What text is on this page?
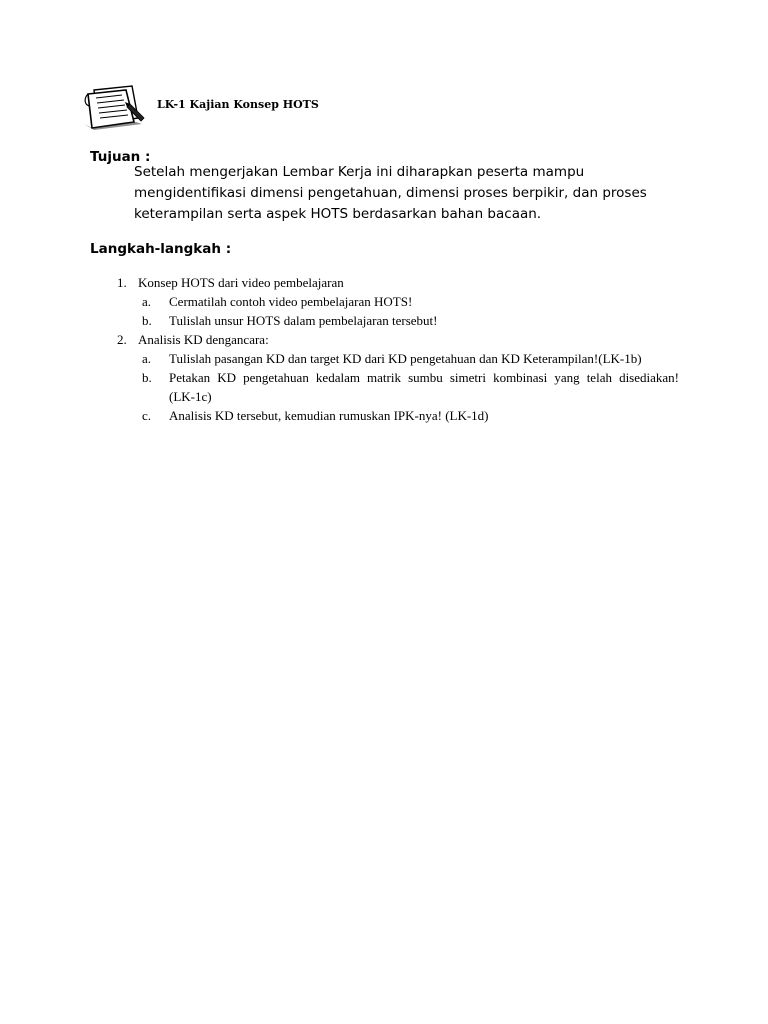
LK-1 Kajian Konsep HOTS
Tujuan :
Setelah mengerjakan Lembar Kerja ini diharapkan peserta mampu
mengidentifikasi dimensi pengetahuan, dimensi proses berpikir, dan proses
keterampilan serta aspek HOTS berdasarkan bahan bacaan.
Langkah-langkah :
1. Konsep HOTS dari video pembelajaran
a. Cermatilah contoh video pembelajaran HOTS!
b. Tulislah unsur HOTS dalam pembelajaran tersebut!
2. Analisis KD dengancara:
a. Tulislah pasangan KD dan target KD dari KD pengetahuan dan KD Keterampilan!(LK-1b)
b. Petakan KD pengetahuan kedalam matrik sumbu simetri kombinasi yang telah disediakan!
(LK-1c)
c. Analisis KD tersebut, kemudian rumuskan IPK-nya! (LK-1d)
